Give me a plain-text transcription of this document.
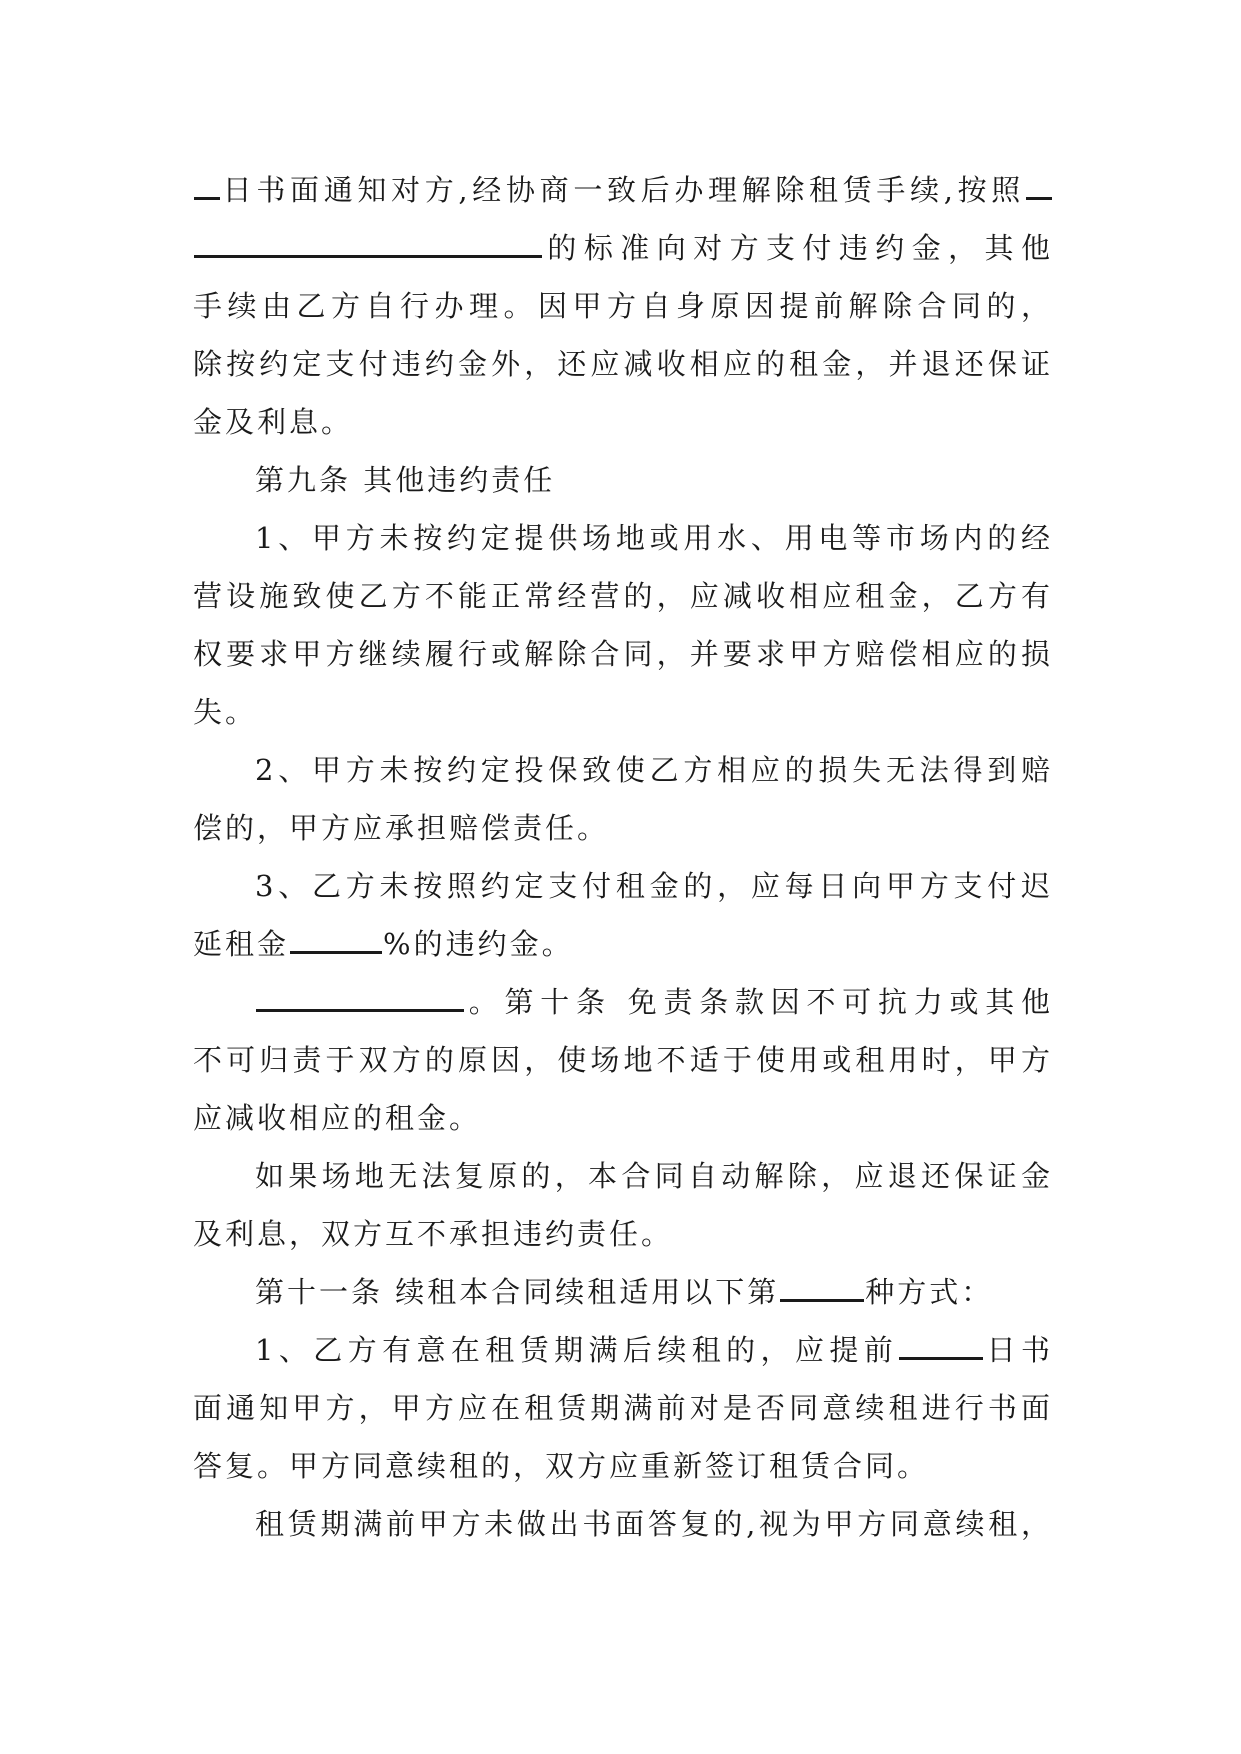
日书面通知对方,经协商一致后办理解除租赁手续,按照
的标准向对方支付违约金，其他
手续由乙方自行办理。因甲方自身原因提前解除合同的，
除按约定支付违约金外，还应减收相应的租金，并退还保证
金及利息。
第九条 其他违约责任
1、甲方未按约定提供场地或用水、用电等市场内的经
营设施致使乙方不能正常经营的，应减收相应租金，乙方有
权要求甲方继续履行或解除合同，并要求甲方赔偿相应的损
失。
2、甲方未按约定投保致使乙方相应的损失无法得到赔
偿的，甲方应承担赔偿责任。
3、乙方未按照约定支付租金的，应每日向甲方支付迟
延租金	%的违约金。
。第十条 免责条款因不可抗力或其他
不可归责于双方的原因，使场地不适于使用或租用时，甲方
应减收相应的租金。
如果场地无法复原的，本合同自动解除，应退还保证金
及利息，双方互不承担违约责任。
第十一条 续租本合同续租适用以下第	种方式：
1、乙方有意在租赁期满后续租的，应提前	日书
面通知甲方，甲方应在租赁期满前对是否同意续租进行书面
答复。甲方同意续租的，双方应重新签订租赁合同。
租赁期满前甲方未做出书面答复的,视为甲方同意续租，
